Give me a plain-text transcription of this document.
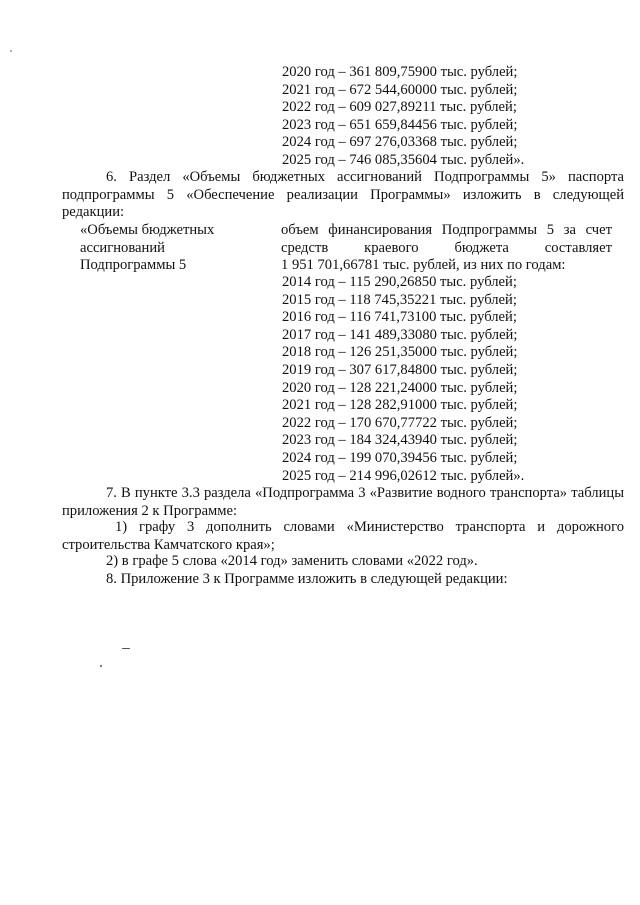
2020 год – 361 809,75900 тыс. рублей;
2021 год – 672 544,60000 тыс. рублей;
2022 год – 609 027,89211 тыс. рублей;
2023 год – 651 659,84456 тыс. рублей;
2024 год – 697 276,03368 тыс. рублей;
2025 год – 746 085,35604 тыс. рублей».
6. Раздел «Объемы бюджетных ассигнований Подпрограммы 5» паспорта подпрограммы 5 «Обеспечение реализации Программы» изложить в следующей редакции:
«Объемы бюджетных
ассигнований
Подпрограммы 5
объем финансирования Подпрограммы 5 за счет
средств краевого бюджета составляет
1 951 701,66781 тыс. рублей, из них по годам:
2014 год – 115 290,26850 тыс. рублей;
2015 год – 118 745,35221 тыс. рублей;
2016 год – 116 741,73100 тыс. рублей;
2017 год – 141 489,33080 тыс. рублей;
2018 год – 126 251,35000 тыс. рублей;
2019 год – 307 617,84800 тыс. рублей;
2020 год – 128 221,24000 тыс. рублей;
2021 год – 128 282,91000 тыс. рублей;
2022 год – 170 670,77722 тыс. рублей;
2023 год – 184 324,43940 тыс. рублей;
2024 год – 199 070,39456 тыс. рублей;
2025 год – 214 996,02612 тыс. рублей».
7. В пункте 3.3 раздела «Подпрограмма 3 «Развитие водного транспорта» таблицы приложения 2 к Программе:
1) графу 3 дополнить словами «Министерство транспорта и дорожного строительства Камчатского края»;
2) в графе 5 слова «2014 год» заменить словами «2022 год».
8. Приложение 3 к Программе изложить в следующей редакции:
